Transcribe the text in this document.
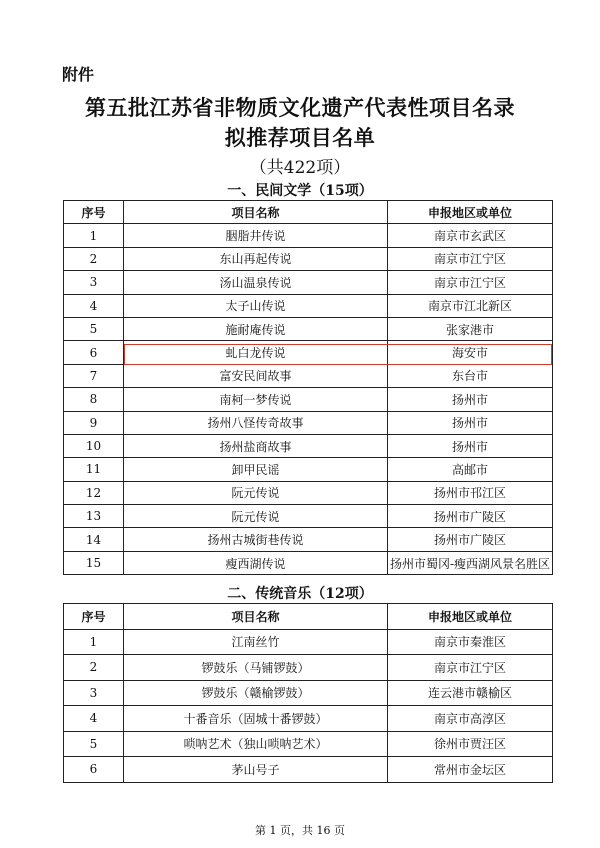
附件
第五批江苏省非物质文化遗产代表性项目名录
拟推荐项目名单
（共422项）
一、民间文学（15项）
序号	项目名称	申报地区或单位
1	胭脂井传说	南京市玄武区
2	东山再起传说	南京市江宁区
3	汤山温泉传说	南京市江宁区
4	太子山传说	南京市江北新区
5	施耐庵传说	张家港市
6	虬白龙传说	海安市
7	富安民间故事	东台市
8	南柯一梦传说	扬州市
9	扬州八怪传奇故事	扬州市
10	扬州盐商故事	扬州市
11	卸甲民谣	高邮市
12	阮元传说	扬州市邗江区
13	阮元传说	扬州市广陵区
14	扬州古城街巷传说	扬州市广陵区
15	瘦西湖传说	扬州市蜀冈-瘦西湖风景名胜区
二、传统音乐（12项）
序号	项目名称	申报地区或单位
1	江南丝竹	南京市秦淮区
2	锣鼓乐（马铺锣鼓）	南京市江宁区
3	锣鼓乐（赣榆锣鼓）	连云港市赣榆区
4	十番音乐（固城十番锣鼓）	南京市高淳区
5	唢呐艺术（独山唢呐艺术）	徐州市贾汪区
6	茅山号子	常州市金坛区
第 1 页，共 16 页
